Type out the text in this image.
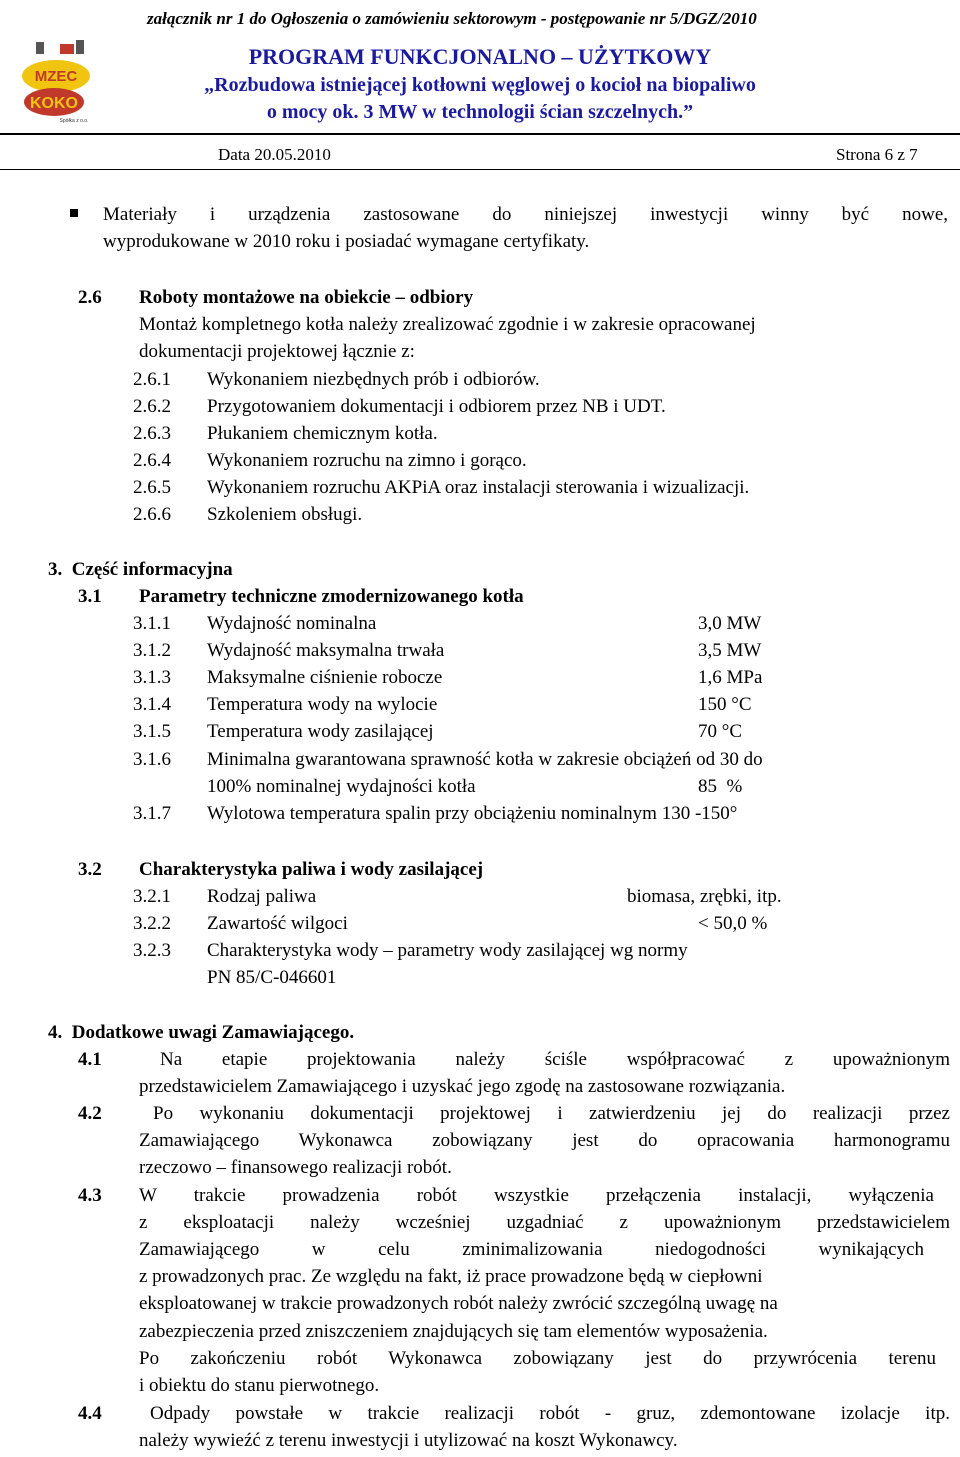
załącznik nr 1 do Ogłoszenia o zamówieniu sektorowym - postępowanie nr 5/DGZ/2010
MZEC
KOKO
Spółka z o.o.
PROGRAM FUNKCJONALNO – UŻYTKOWY
„Rozbudowa istniejącej kotłowni węglowej o kocioł na biopaliwo
o mocy ok. 3 MW w technologii ścian szczelnych.”
Data 20.05.2010	Strona 6 z 7
Materiały i urządzenia zastosowane do niniejszej inwestycji winny być nowe,
wyprodukowane w 2010 roku i posiadać wymagane certyfikaty.
2.6 Roboty montażowe na obiekcie – odbiory
Montaż kompletnego kotła należy zrealizować zgodnie i w zakresie opracowanej
dokumentacji projektowej łącznie z:
2.6.1 Wykonaniem niezbędnych prób i odbiorów.
2.6.2 Przygotowaniem dokumentacji i odbiorem przez NB i UDT.
2.6.3 Płukaniem chemicznym kotła.
2.6.4 Wykonaniem rozruchu na zimno i gorąco.
2.6.5 Wykonaniem rozruchu AKPiA oraz instalacji sterowania i wizualizacji.
2.6.6 Szkoleniem obsługi.
3.  Część informacyjna
3.1 Parametry techniczne zmodernizowanego kotła
3.1.1 Wydajność nominalna	3,0 MW
3.1.2 Wydajność maksymalna trwała	3,5 MW
3.1.3 Maksymalne ciśnienie robocze	1,6 MPa
3.1.4 Temperatura wody na wylocie	150 °C
3.1.5 Temperatura wody zasilającej	70 °C
3.1.6 Minimalna gwarantowana sprawność kotła w zakresie obciążeń od 30 do
100% nominalnej wydajności kotła	85  %
3.1.7 Wylotowa temperatura spalin przy obciążeniu nominalnym 130 -150°
3.2 Charakterystyka paliwa i wody zasilającej
3.2.1 Rodzaj paliwa	biomasa, zrębki, itp.
3.2.2 Zawartość wilgoci	< 50,0 %
3.2.3 Charakterystyka wody – parametry wody zasilającej wg normy
PN 85/C-046601
4.  Dodatkowe uwagi Zamawiającego.
4.1	Na etapie projektowania należy ściśle współpracować z upoważnionym
przedstawicielem Zamawiającego i uzyskać jego zgodę na zastosowane rozwiązania.
4.2	Po wykonaniu dokumentacji projektowej i zatwierdzeniu jej do realizacji przez
Zamawiającego Wykonawca zobowiązany jest do opracowania harmonogramu
rzeczowo – finansowego realizacji robót.
4.3 W trakcie prowadzenia robót wszystkie przełączenia instalacji, wyłączenia
z eksploatacji należy wcześniej uzgadniać z upoważnionym przedstawicielem
Zamawiającego w celu zminimalizowania niedogodności wynikających
z prowadzonych prac. Ze względu na fakt, iż prace prowadzone będą w ciepłowni
eksploatowanej w trakcie prowadzonych robót należy zwrócić szczególną uwagę na
zabezpieczenia przed zniszczeniem znajdujących się tam elementów wyposażenia.
Po zakończeniu robót Wykonawca zobowiązany jest do przywrócenia terenu
i obiektu do stanu pierwotnego.
4.4	Odpady powstałe w trakcie realizacji robót - gruz, zdemontowane izolacje itp.
należy wywieźć z terenu inwestycji i utylizować na koszt Wykonawcy.
